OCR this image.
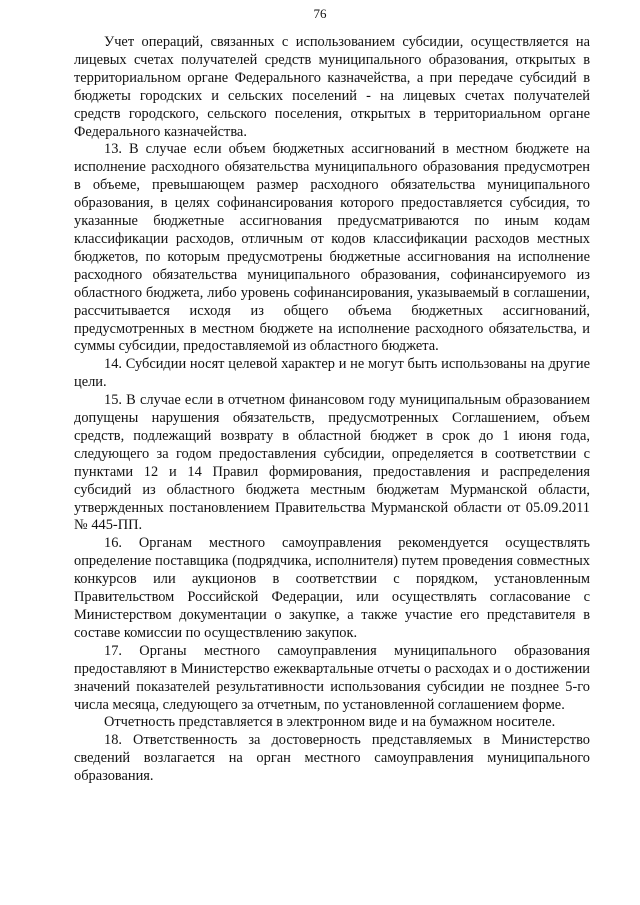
76

Учет операций, связанных с использованием субсидии, осуществляется на лицевых счетах получателей средств муниципального образования, открытых в территориальном органе Федерального казначейства, а при передаче субсидий в бюджеты городских и сельских поселений - на лицевых счетах получателей средств городского, сельского поселения, открытых в территориальном органе Федерального казначейства.

13. В случае если объем бюджетных ассигнований в местном бюджете на исполнение расходного обязательства муниципального образования предусмотрен в объеме, превышающем размер расходного обязательства муниципального образования, в целях софинансирования которого предоставляется субсидия, то указанные бюджетные ассигнования предусматриваются по иным кодам классификации расходов, отличным от кодов классификации расходов местных бюджетов, по которым предусмотрены бюджетные ассигнования на исполнение расходного обязательства муниципального образования, софинансируемого из областного бюджета, либо уровень софинансирования, указываемый в соглашении, рассчитывается исходя из общего объема бюджетных ассигнований, предусмотренных в местном бюджете на исполнение расходного обязательства, и суммы субсидии, предоставляемой из областного бюджета.

14. Субсидии носят целевой характер и не могут быть использованы на другие цели.

15. В случае если в отчетном финансовом году муниципальным образованием допущены нарушения обязательств, предусмотренных Соглашением, объем средств, подлежащий возврату в областной бюджет в срок до 1 июня года, следующего за годом предоставления субсидии, определяется в соответствии с пунктами 12 и 14 Правил формирования, предоставления и распределения субсидий из областного бюджета местным бюджетам Мурманской области, утвержденных постановлением Правительства Мурманской области от 05.09.2011 № 445-ПП.

16. Органам местного самоуправления рекомендуется осуществлять определение поставщика (подрядчика, исполнителя) путем проведения совместных конкурсов или аукционов в соответствии с порядком, установленным Правительством Российской Федерации, или осуществлять согласование с Министерством документации о закупке, а также участие его представителя в составе комиссии по осуществлению закупок.

17. Органы местного самоуправления муниципального образования предоставляют в Министерство ежеквартальные отчеты о расходах и о достижении значений показателей результативности использования субсидии не позднее 5-го числа месяца, следующего за отчетным, по установленной соглашением форме.

Отчетность представляется в электронном виде и на бумажном носителе.

18. Ответственность за достоверность представляемых в Министерство сведений возлагается на орган местного самоуправления муниципального образования.
